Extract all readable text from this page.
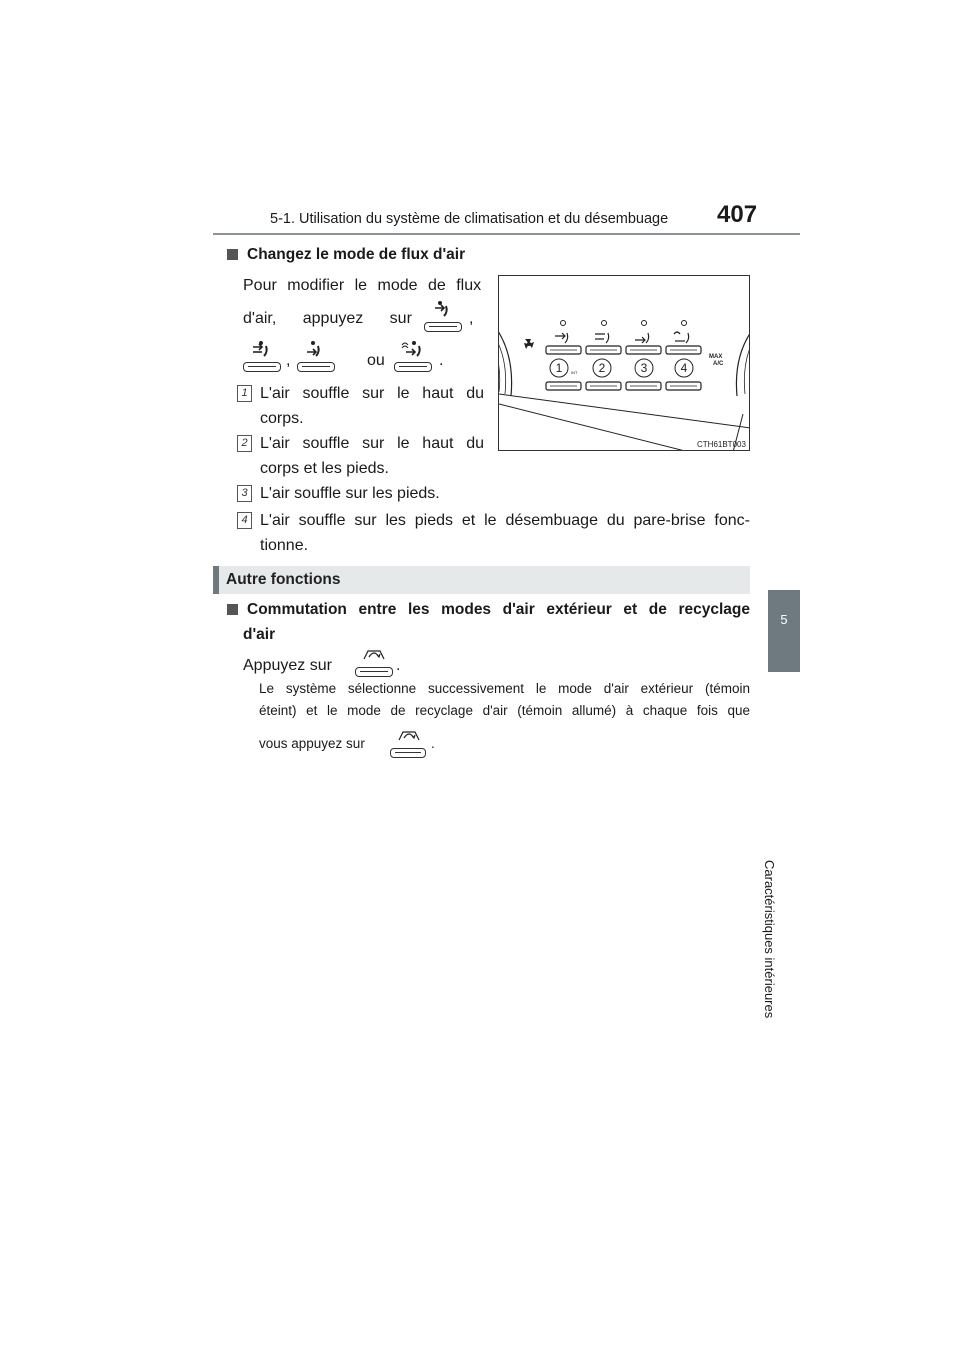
5-1. Utilisation du système de climatisation et du désembuage 407
5
Caractéristiques intérieures
Changez le mode de flux d'air
Pour modifier le mode de flux
d'air, appuyez sur	,
,	ou	.
1 L'air souffle sur le haut du
corps.
2 L'air souffle sur le haut du
corps et les pieds.
3 L'air souffle sur les pieds.
4 L'air souffle sur les pieds et le désembuage du pare-brise fonc-
tionne.
MAX
A/C
1	2	3	4
INT
CTH61BT003
Autre fonctions
Commutation entre les modes d'air extérieur et de recyclage
d'air
Appuyez sur	.
Le système sélectionne successivement le mode d'air extérieur (témoin
éteint) et le mode de recyclage d'air (témoin allumé) à chaque fois que
vous appuyez sur	.
